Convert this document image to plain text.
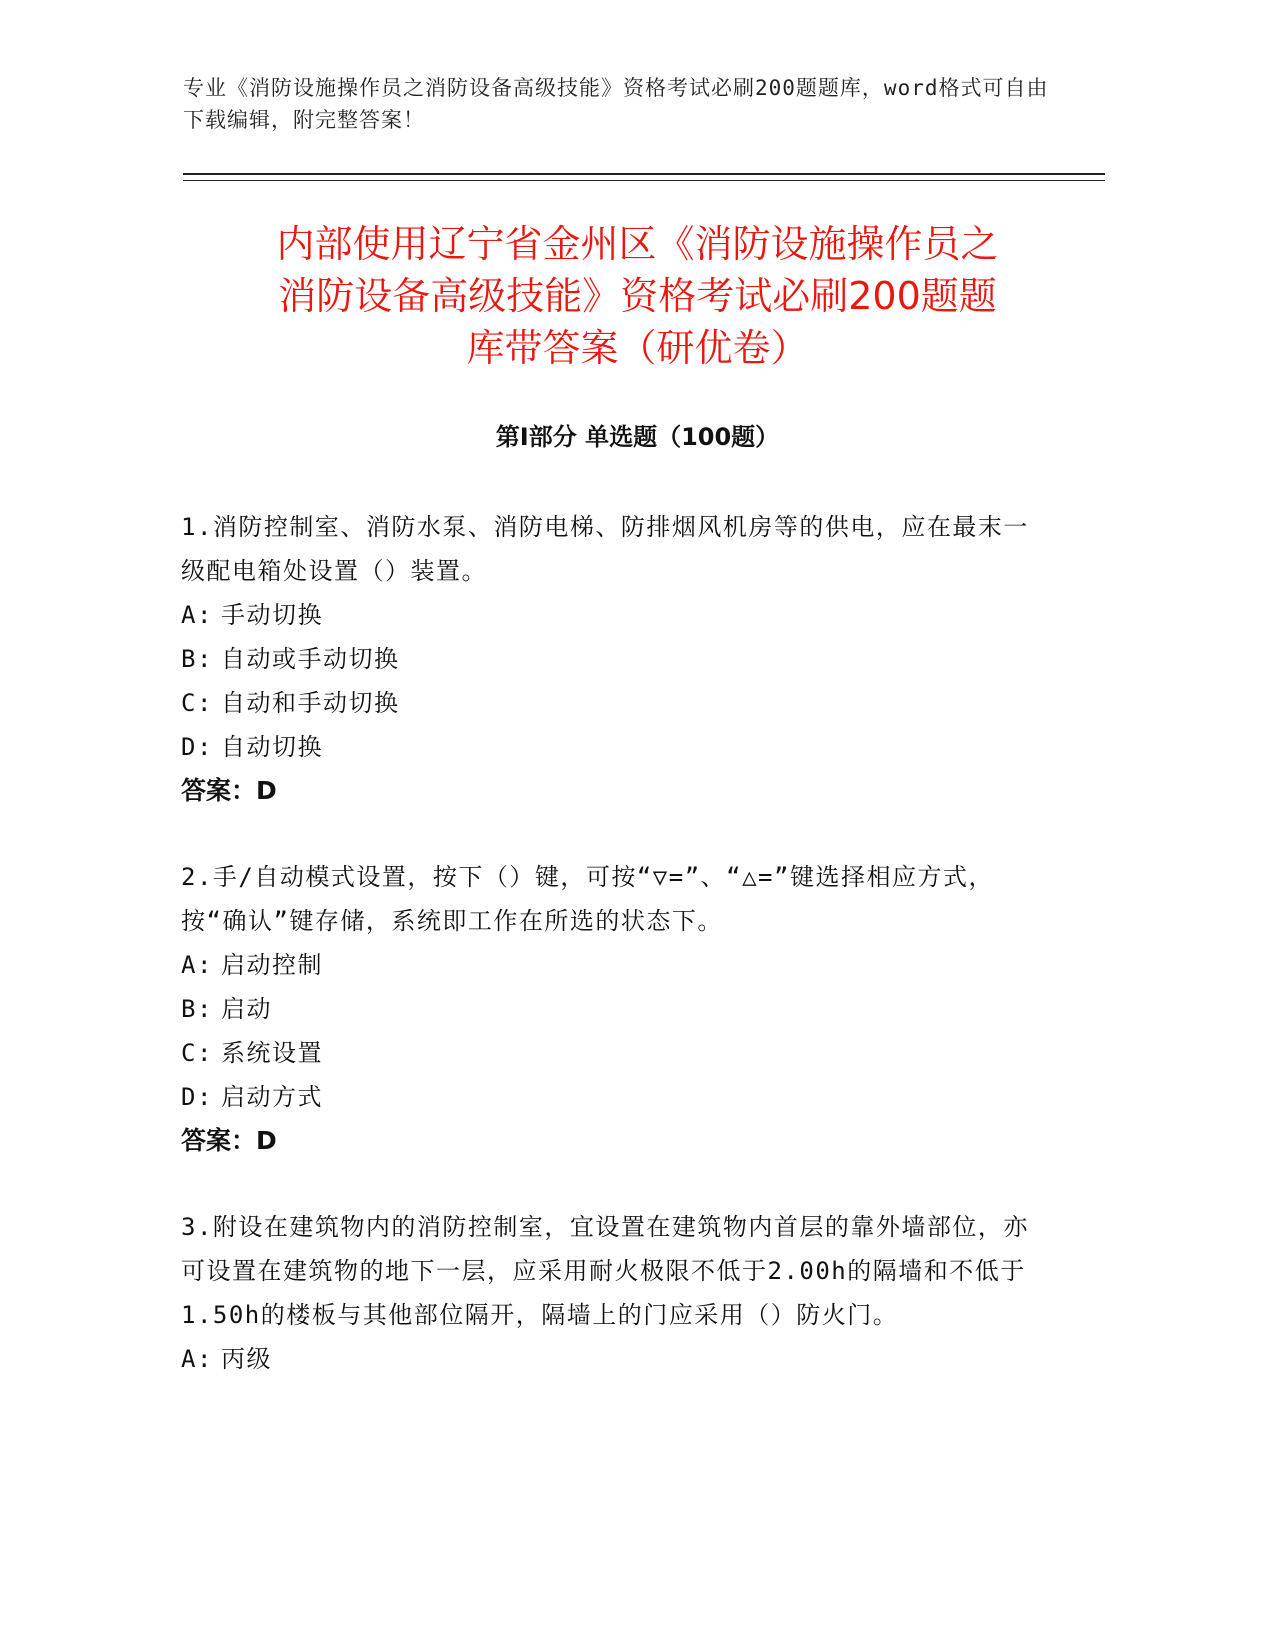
专业《消防设施操作员之消防设备高级技能》资格考试必刷200题题库，word格式可自由下载编辑，附完整答案！
内部使用辽宁省金州区《消防设施操作员之
消防设备高级技能》资格考试必刷200题题
库带答案（研优卷）
第I部分 单选题（100题）

1.消防控制室、消防水泵、消防电梯、防排烟风机房等的供电，应在最末一级配电箱处设置（）装置。

A: 手动切换

B: 自动或手动切换

C: 自动和手动切换

D: 自动切换

答案：D

2.手/自动模式设置，按下（）键，可按“▽=”、“△=”键选择相应方式，按“确认”键存储，系统即工作在所选的状态下。

A: 启动控制

B: 启动

C: 系统设置

D: 启动方式

答案：D

3.附设在建筑物内的消防控制室，宜设置在建筑物内首层的靠外墙部位，亦可设置在建筑物的地下一层，应采用耐火极限不低于2.00h的隔墙和不低于1.50h的楼板与其他部位隔开，隔墙上的门应采用（）防火门。

A: 丙级
